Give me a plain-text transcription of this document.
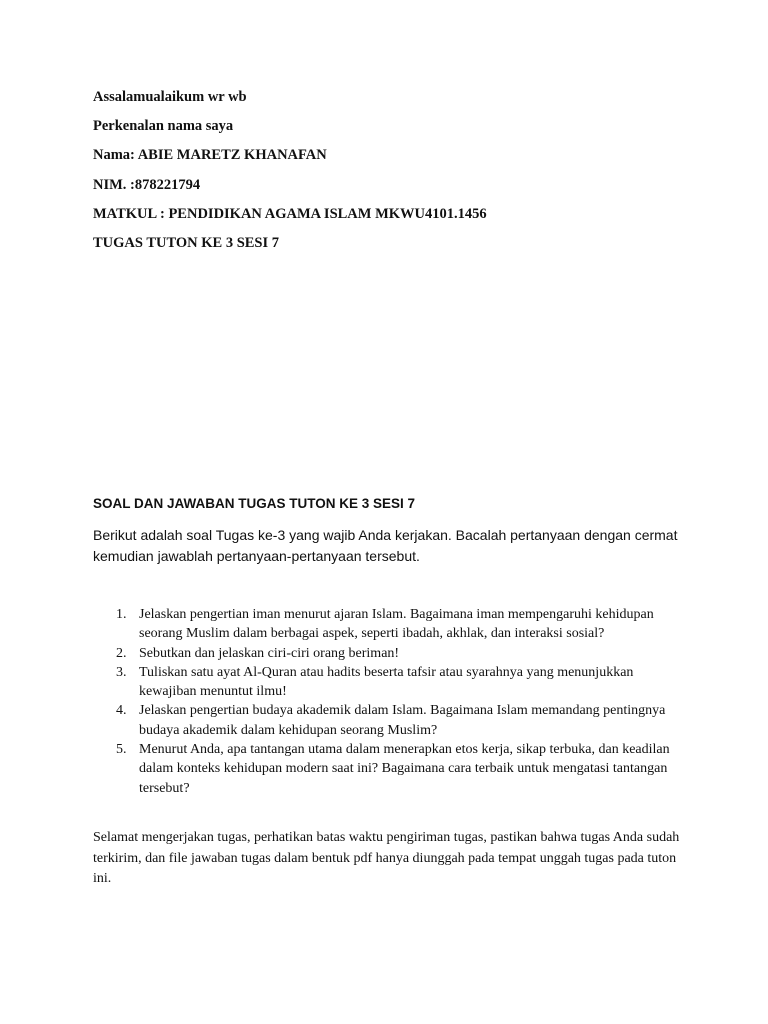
Assalamualaikum wr wb

Perkenalan nama saya

Nama: ABIE MARETZ KHANAFAN

NIM. :878221794

MATKUL : PENDIDIKAN AGAMA ISLAM MKWU4101.1456

TUGAS TUTON KE 3 SESI 7

SOAL DAN JAWABAN TUGAS TUTON KE 3 SESI 7

Berikut adalah soal Tugas ke-3 yang wajib Anda kerjakan. Bacalah pertanyaan dengan cermat kemudian jawablah pertanyaan-pertanyaan tersebut.

1. Jelaskan pengertian iman menurut ajaran Islam. Bagaimana iman mempengaruhi kehidupan seorang Muslim dalam berbagai aspek, seperti ibadah, akhlak, dan interaksi sosial?
2. Sebutkan dan jelaskan ciri-ciri orang beriman!
3. Tuliskan satu ayat Al-Quran atau hadits beserta tafsir atau syarahnya yang menunjukkan kewajiban menuntut ilmu!
4. Jelaskan pengertian budaya akademik dalam Islam. Bagaimana Islam memandang pentingnya budaya akademik dalam kehidupan seorang Muslim?
5. Menurut Anda, apa tantangan utama dalam menerapkan etos kerja, sikap terbuka, dan keadilan dalam konteks kehidupan modern saat ini? Bagaimana cara terbaik untuk mengatasi tantangan tersebut?

Selamat mengerjakan tugas, perhatikan batas waktu pengiriman tugas, pastikan bahwa tugas Anda sudah terkirim, dan file jawaban tugas dalam bentuk pdf hanya diunggah pada tempat unggah tugas pada tuton ini.
